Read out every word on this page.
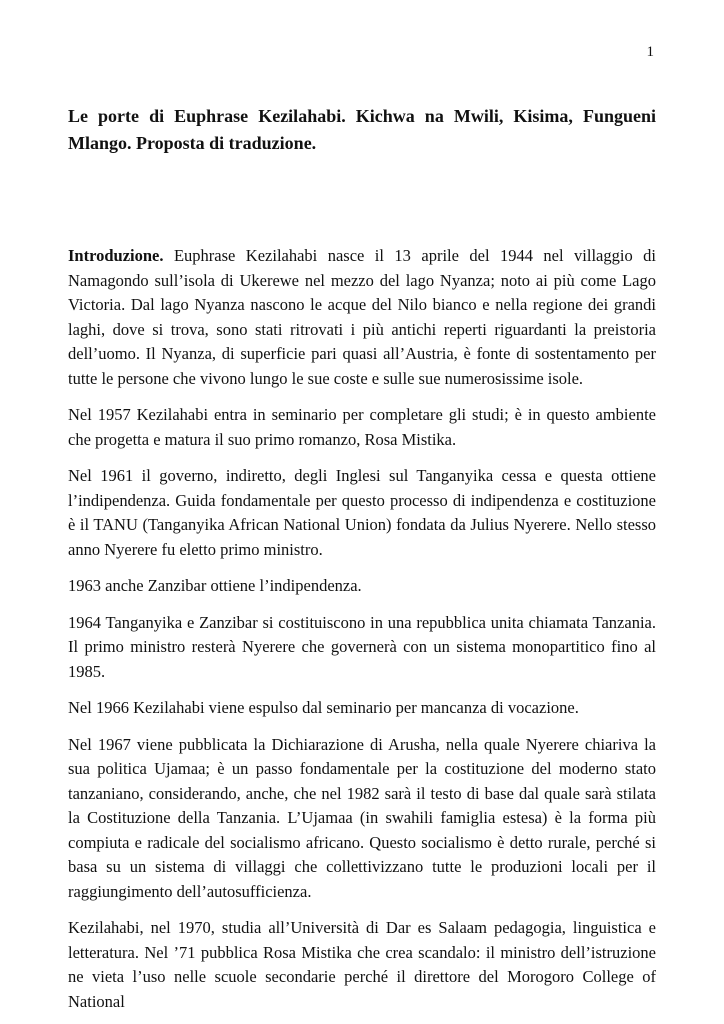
1
Le porte di Euphrase Kezilahabi. Kichwa na Mwili, Kisima, Fungueni Mlango. Proposta di traduzione.

Introduzione. Euphrase Kezilahabi nasce il 13 aprile del 1944 nel villaggio di Namagondo sull’isola di Ukerewe nel mezzo del lago Nyanza; noto ai più come Lago Victoria. Dal lago Nyanza nascono le acque del Nilo bianco e nella regione dei grandi laghi, dove si trova, sono stati ritrovati i più antichi reperti riguardanti la preistoria dell’uomo. Il Nyanza, di superficie pari quasi all’Austria, è fonte di sostentamento per tutte le persone che vivono lungo le sue coste e sulle sue numerosissime isole.

Nel 1957 Kezilahabi entra in seminario per completare gli studi; è in questo ambiente che progetta e matura il suo primo romanzo, Rosa Mistika.

Nel 1961 il governo, indiretto, degli Inglesi sul Tanganyika cessa e questa ottiene l’indipendenza. Guida fondamentale per questo processo di indipendenza e costituzione è il TANU (Tanganyika African National Union) fondata da Julius Nyerere. Nello stesso anno Nyerere fu eletto primo ministro.

1963 anche Zanzibar ottiene l’indipendenza.

1964 Tanganyika e Zanzibar si costituiscono in una repubblica unita chiamata Tanzania. Il primo ministro resterà Nyerere che governerà con un sistema monopartitico fino al 1985.

Nel 1966 Kezilahabi viene espulso dal seminario per mancanza di vocazione.

Nel 1967 viene pubblicata la Dichiarazione di Arusha, nella quale Nyerere chiariva la sua politica Ujamaa; è un passo fondamentale per la costituzione del moderno stato tanzaniano, considerando, anche, che nel 1982 sarà il testo di base dal quale sarà stilata la Costituzione della Tanzania. L’Ujamaa (in swahili famiglia estesa) è la forma più compiuta e radicale del socialismo africano. Questo socialismo è detto rurale, perché si basa su un sistema di villaggi che collettivizzano tutte le produzioni locali per il raggiungimento dell’autosufficienza.

Kezilahabi, nel 1970, studia all’Università di Dar es Salaam pedagogia, linguistica e letteratura. Nel ’71 pubblica Rosa Mistika che crea scandalo: il ministro dell’istruzione ne vieta l’uso nelle scuole secondarie perché il direttore del Morogoro College of National
